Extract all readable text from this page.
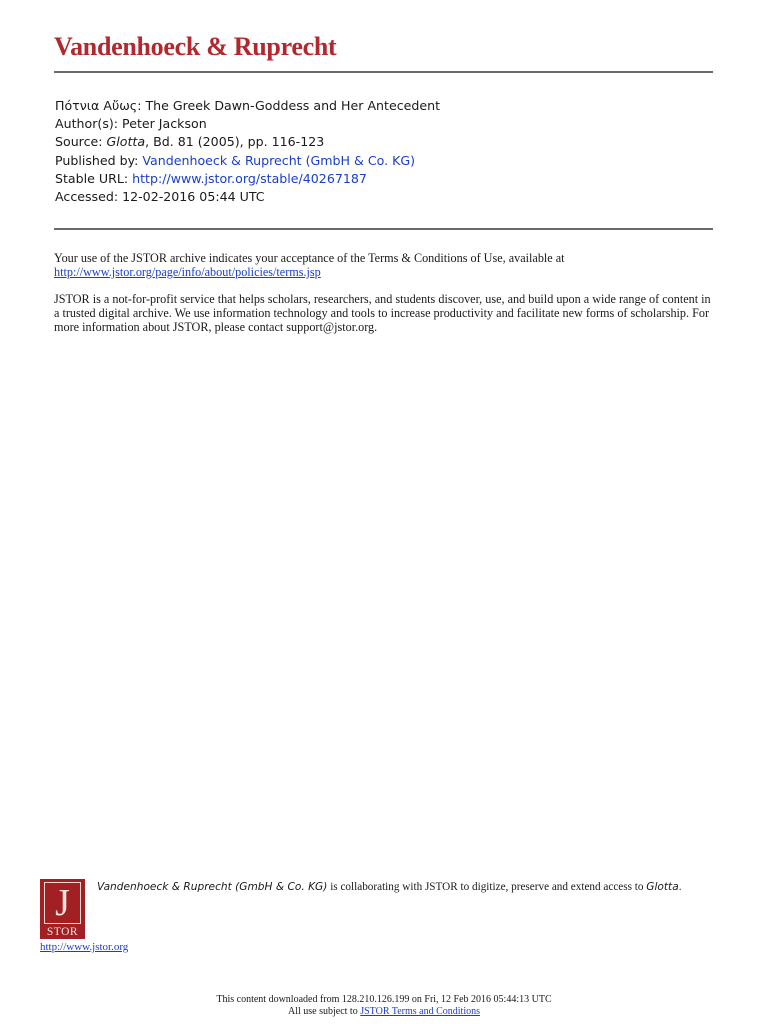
Vandenhoeck & Ruprecht
Πότνια Αὔως: The Greek Dawn-Goddess and Her Antecedent
Author(s): Peter Jackson
Source: Glotta, Bd. 81 (2005), pp. 116-123
Published by: Vandenhoeck & Ruprecht (GmbH & Co. KG)
Stable URL: http://www.jstor.org/stable/40267187
Accessed: 12-02-2016 05:44 UTC

Your use of the JSTOR archive indicates your acceptance of the Terms & Conditions of Use, available at http://www.jstor.org/page/info/about/policies/terms.jsp

JSTOR is a not-for-profit service that helps scholars, researchers, and students discover, use, and build upon a wide range of content in a trusted digital archive. We use information technology and tools to increase productivity and facilitate new forms of scholarship. For more information about JSTOR, please contact support@jstor.org.

J
STOR
Vandenhoeck & Ruprecht (GmbH & Co. KG) is collaborating with JSTOR to digitize, preserve and extend access to Glotta.
http://www.jstor.org
This content downloaded from 128.210.126.199 on Fri, 12 Feb 2016 05:44:13 UTC
All use subject to JSTOR Terms and Conditions
